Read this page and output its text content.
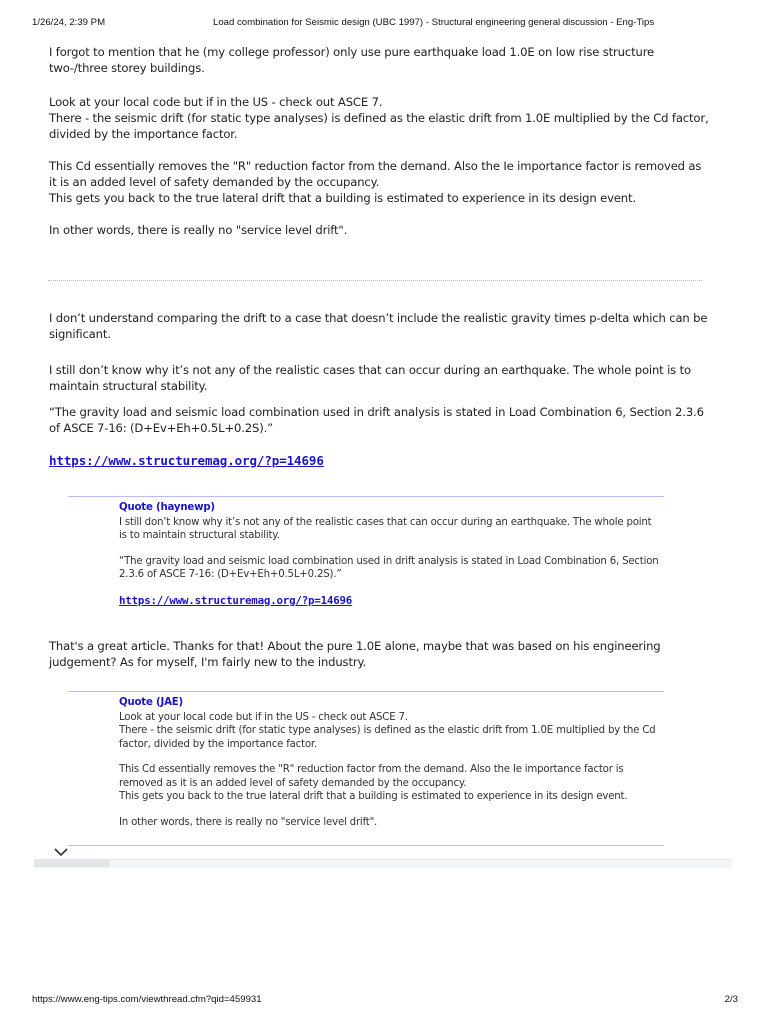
1/26/24, 2:39 PM	Load combination for Seismic design (UBC 1997) - Structural engineering general discussion - Eng-Tips

I forgot to mention that he (my college professor) only use pure earthquake load 1.0E on low rise structure two-/three storey buildings.

Look at your local code but if in the US - check out ASCE 7.

There - the seismic drift (for static type analyses) is defined as the elastic drift from 1.0E multiplied by the Cd factor, divided by the importance factor.

This Cd essentially removes the "R" reduction factor from the demand. Also the Ie importance factor is removed as it is an added level of safety demanded by the occupancy.

This gets you back to the true lateral drift that a building is estimated to experience in its design event.

In other words, there is really no "service level drift".

I don’t understand comparing the drift to a case that doesn’t include the realistic gravity times p-delta which can be significant.

I still don’t know why it’s not any of the realistic cases that can occur during an earthquake. The whole point is to maintain structural stability.

“The gravity load and seismic load combination used in drift analysis is stated in Load Combination 6, Section 2.3.6 of ASCE 7-16: (D+Ev+Eh+0.5L+0.2S).”

https://www.structuremag.org/?p=14696

Quote (haynewp)

I still don’t know why it’s not any of the realistic cases that can occur during an earthquake. The whole point is to maintain structural stability.

“The gravity load and seismic load combination used in drift analysis is stated in Load Combination 6, Section 2.3.6 of ASCE 7-16: (D+Ev+Eh+0.5L+0.2S).”

https://www.structuremag.org/?p=14696

That's a great article. Thanks for that! About the pure 1.0E alone, maybe that was based on his engineering judgement? As for myself, I'm fairly new to the industry.

Quote (JAE)

Look at your local code but if in the US - check out ASCE 7.

There - the seismic drift (for static type analyses) is defined as the elastic drift from 1.0E multiplied by the Cd factor, divided by the importance factor.

This Cd essentially removes the "R" reduction factor from the demand. Also the Ie importance factor is removed as it is an added level of safety demanded by the occupancy.

This gets you back to the true lateral drift that a building is estimated to experience in its design event.

In other words, there is really no "service level drift".

https://www.eng-tips.com/viewthread.cfm?qid=459931	2/3
